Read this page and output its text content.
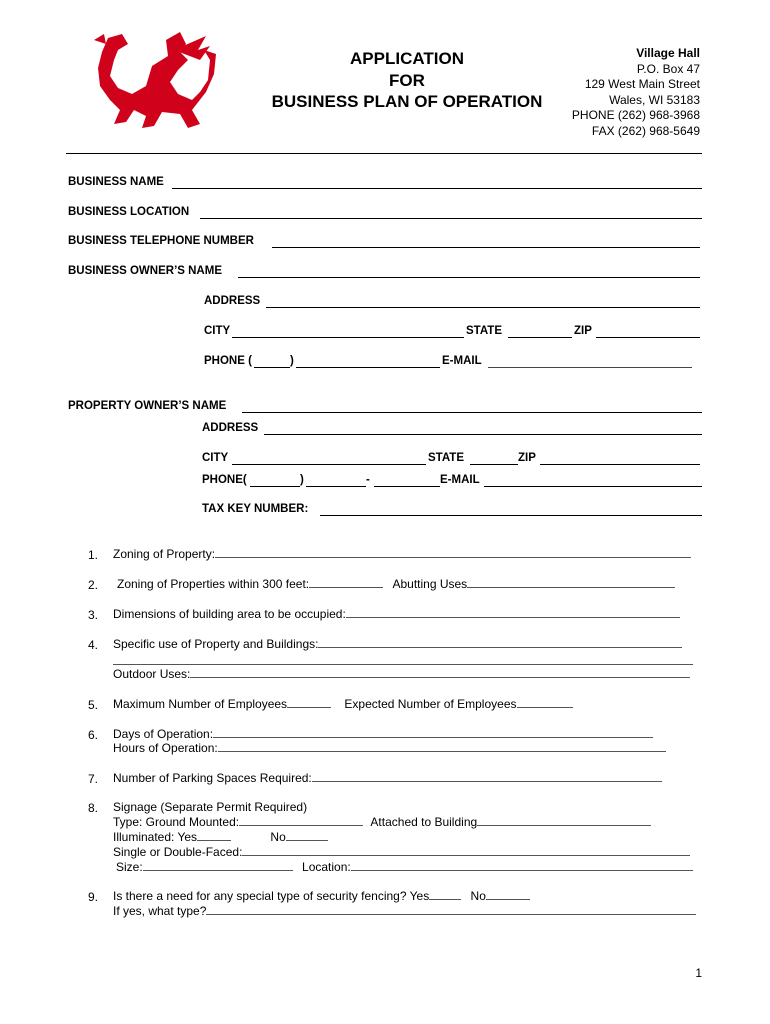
APPLICATION
FOR
BUSINESS PLAN OF OPERATION
Village Hall
P.O. Box 47
129 West Main Street
Wales, WI 53183
PHONE (262) 968-3968
FAX (262) 968-5649
BUSINESS NAME
BUSINESS LOCATION
BUSINESS TELEPHONE NUMBER
BUSINESS OWNER’S NAME
ADDRESS
CITY	STATE	ZIP
PHONE (	)	E-MAIL
PROPERTY OWNER’S NAME
ADDRESS
CITY	STATE	ZIP
PHONE(	)	-	E-MAIL
TAX KEY NUMBER:
1. Zoning of Property:
2. Zoning of Properties within 300 feet:	Abutting Uses
3. Dimensions of building area to be occupied:
4. Specific use of Property and Buildings:
Outdoor Uses:
5. Maximum Number of Employees	Expected Number of Employees
6. Days of Operation:
Hours of Operation:
7. Number of Parking Spaces Required:
8. Signage (Separate Permit Required)
Type: Ground Mounted:	Attached to Building
Illuminated: Yes	No
Single or Double-Faced:
Size:	Location:
9. Is there a need for any special type of security fencing? Yes	No
If yes, what type?
1
